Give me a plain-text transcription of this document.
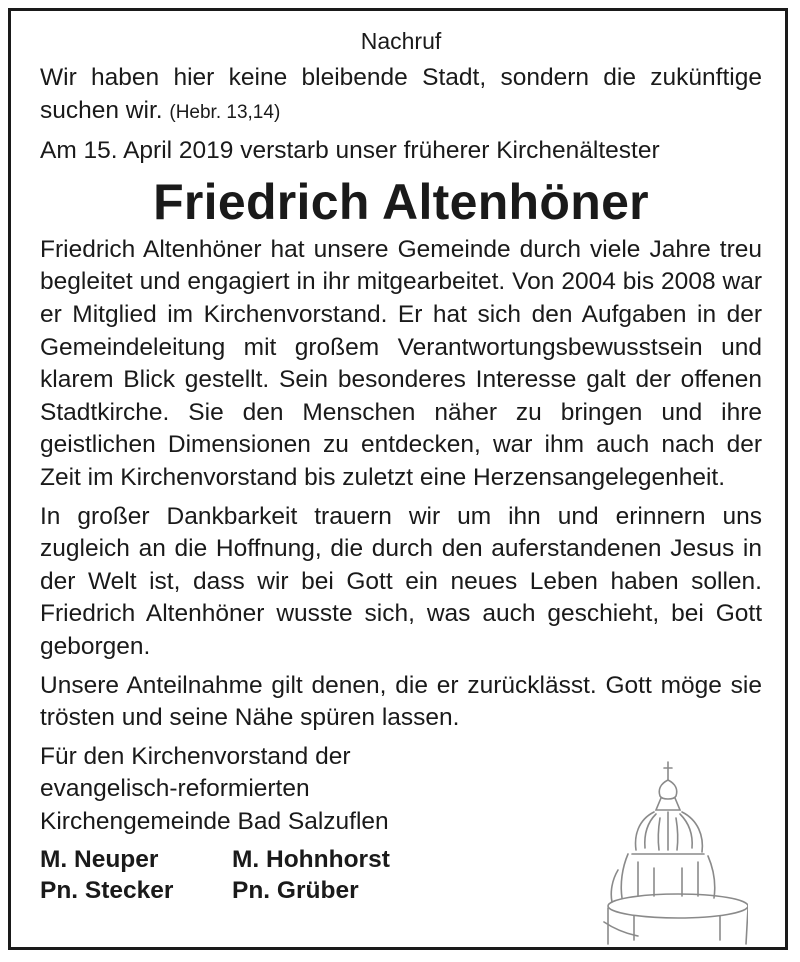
Nachruf

Wir haben hier keine bleibende Stadt, sondern die zukünftige suchen wir. (Hebr. 13,14)

Am 15. April 2019 verstarb unser früherer Kirchenältester

Friedrich Altenhöner

Friedrich Altenhöner hat unsere Gemeinde durch viele Jahre treu begleitet und engagiert in ihr mitgearbeitet. Von 2004 bis 2008 war er Mitglied im Kirchenvorstand. Er hat sich den Aufgaben in der Gemeindeleitung mit großem Verantwortungsbewusstsein und klarem Blick gestellt. Sein besonderes Interesse galt der offenen Stadtkirche. Sie den Menschen näher zu bringen und ihre geistlichen Dimensionen zu entdecken, war ihm auch nach der Zeit im Kirchenvorstand bis zuletzt eine Herzensangelegenheit.

In großer Dankbarkeit trauern wir um ihn und erinnern uns zugleich an die Hoffnung, die durch den auferstandenen Jesus in der Welt ist, dass wir bei Gott ein neues Leben haben sollen. Friedrich Altenhöner wusste sich, was auch geschieht, bei Gott geborgen.

Unsere Anteilnahme gilt denen, die er zurücklässt. Gott möge sie trösten und seine Nähe spüren lassen.

Für den Kirchenvorstand der
evangelisch-reformierten
Kirchengemeinde Bad Salzuflen

M. Neuper	M. Hohnhorst
Pn. Stecker	Pn. Grüber
